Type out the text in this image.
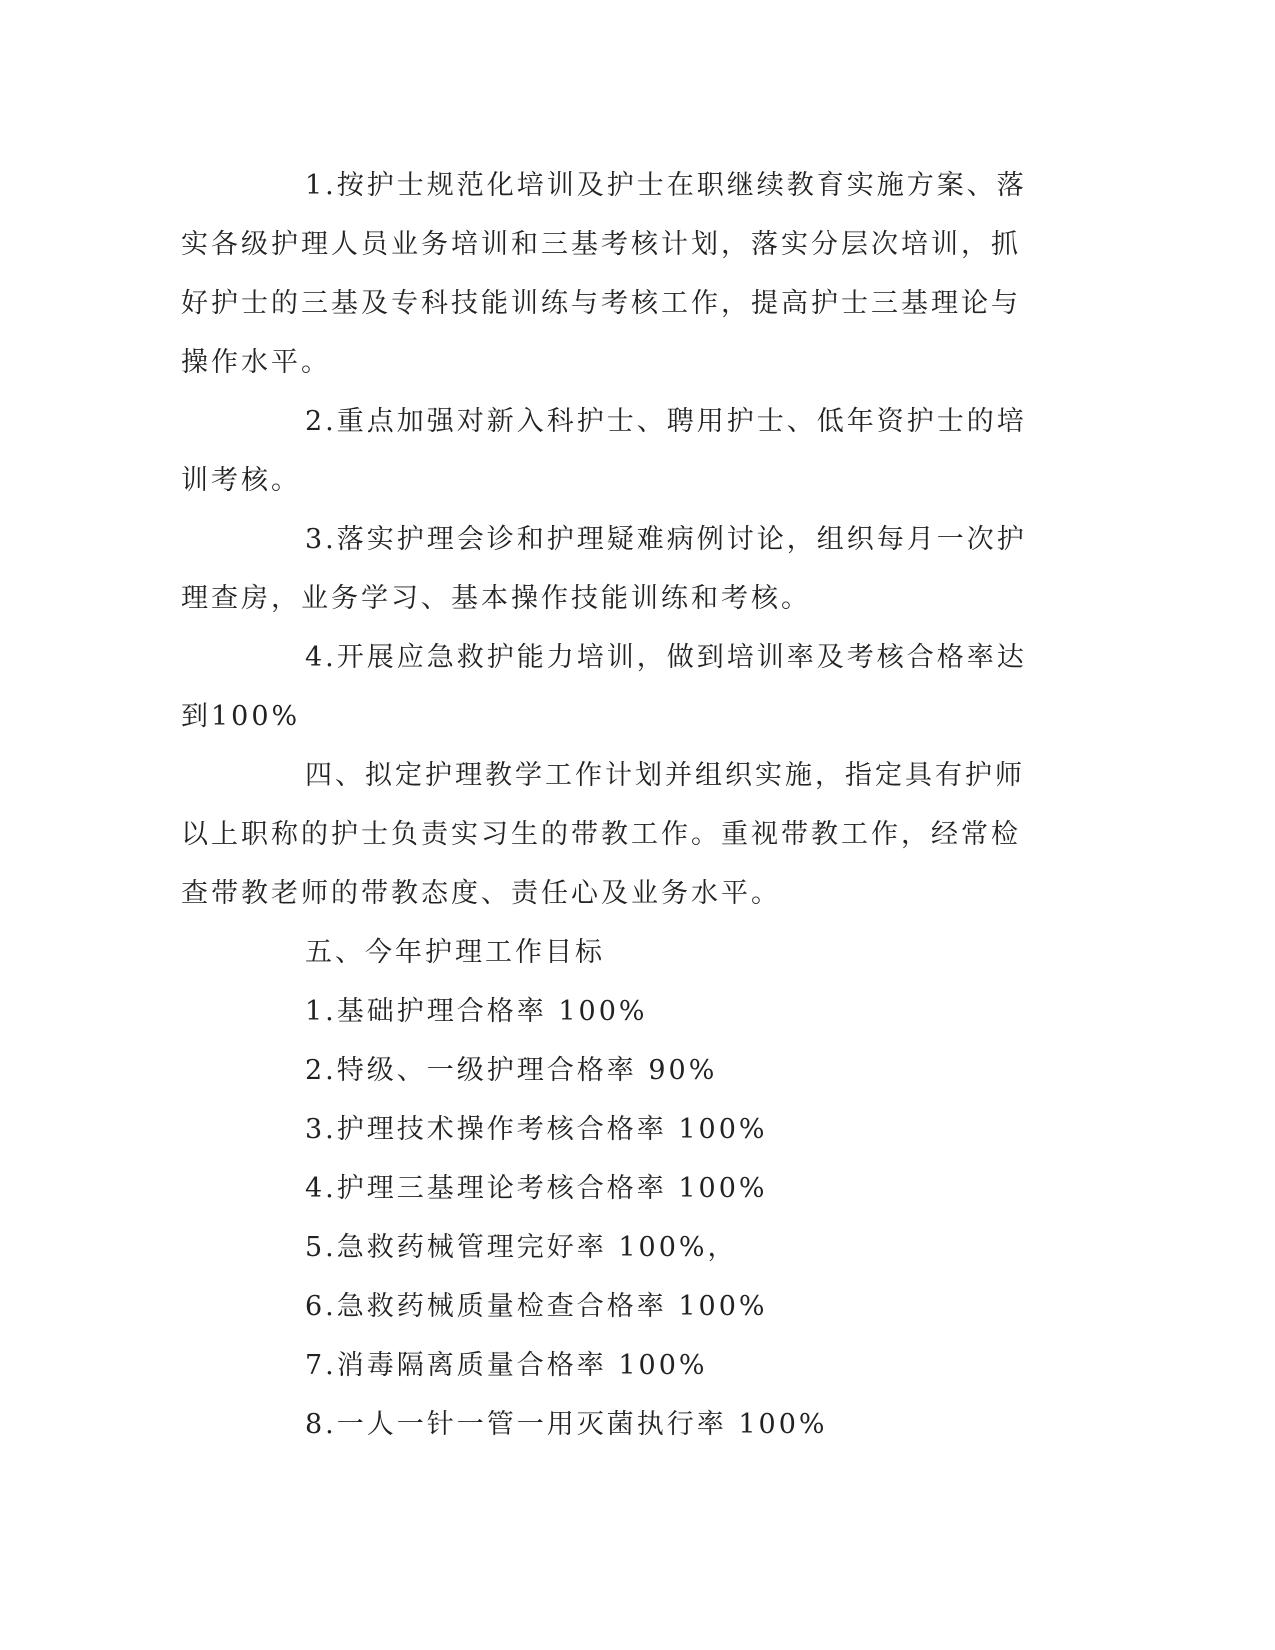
1.按护士规范化培训及护士在职继续教育实施方案、落实各级护理人员业务培训和三基考核计划，落实分层次培训，抓好护士的三基及专科技能训练与考核工作，提高护士三基理论与操作水平。

2.重点加强对新入科护士、聘用护士、低年资护士的培训考核。

3.落实护理会诊和护理疑难病例讨论，组织每月一次护理查房，业务学习、基本操作技能训练和考核。

4.开展应急救护能力培训，做到培训率及考核合格率达到100%

四、拟定护理教学工作计划并组织实施，指定具有护师以上职称的护士负责实习生的带教工作。重视带教工作，经常检查带教老师的带教态度、责任心及业务水平。

五、今年护理工作目标

1.基础护理合格率 100%

2.特级、一级护理合格率 90%

3.护理技术操作考核合格率 100%

4.护理三基理论考核合格率 100%

5.急救药械管理完好率 100%，

6.急救药械质量检查合格率 100%

7.消毒隔离质量合格率 100%

8.一人一针一管一用灭菌执行率 100%
